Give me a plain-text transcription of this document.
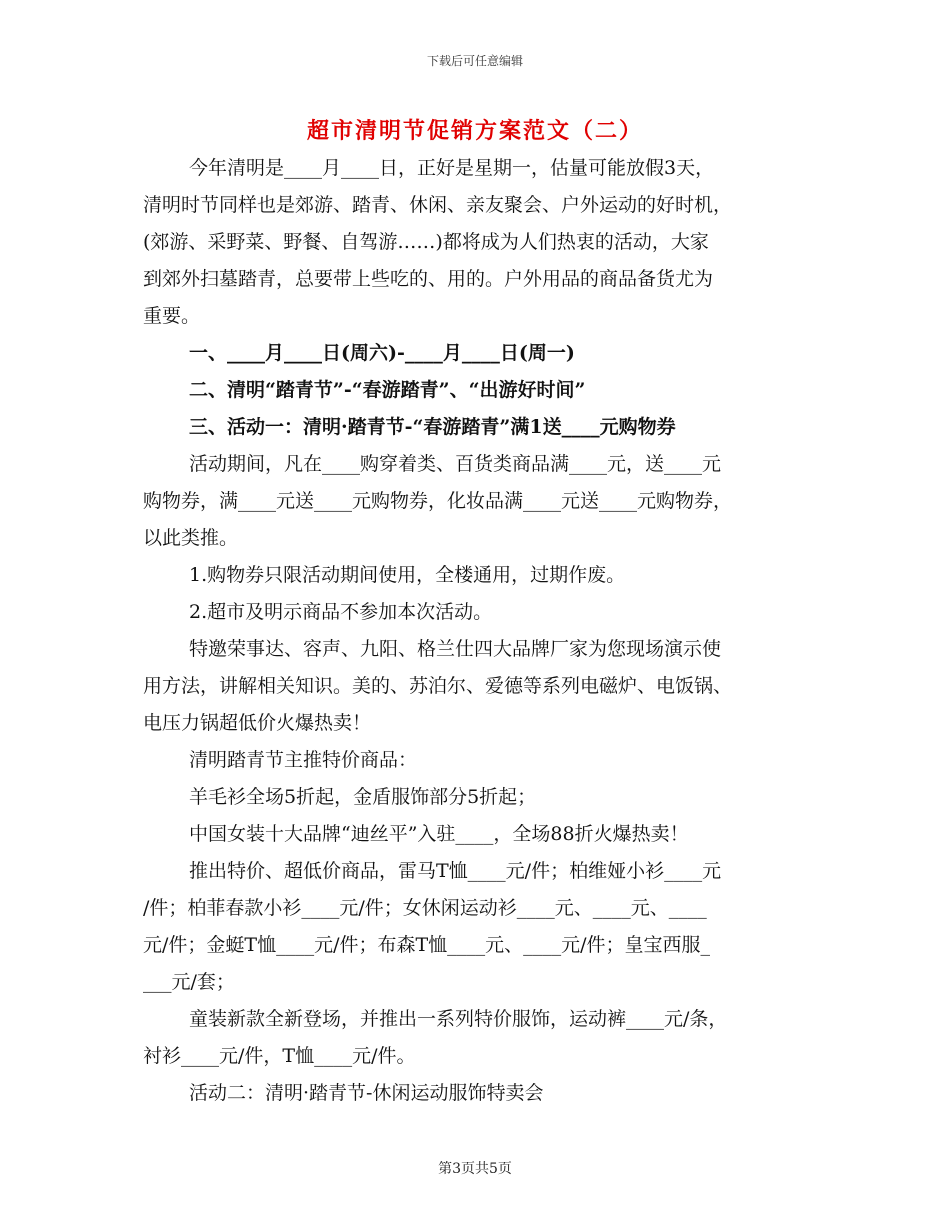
下载后可任意编辑
超市清明节促销方案范文（二）

今年清明是____月____日，正好是星期一，估量可能放假3天，

清明时节同样也是郊游、踏青、休闲、亲友聚会、户外运动的好时机，

(郊游、采野菜、野餐、自驾游……)都将成为人们热衷的活动，大家

到郊外扫墓踏青，总要带上些吃的、用的。户外用品的商品备货尤为

重要。

一、____月____日(周六)-____月____日(周一)

二、清明“踏青节”-“春游踏青”、“出游好时间”

三、活动一：清明·踏青节-“春游踏青”满1送____元购物券

活动期间，凡在____购穿着类、百货类商品满____元，送____元

购物券，满____元送____元购物券，化妆品满____元送____元购物券，

以此类推。

1.购物券只限活动期间使用，全楼通用，过期作废。

2.超市及明示商品不参加本次活动。

特邀荣事达、容声、九阳、格兰仕四大品牌厂家为您现场演示使

用方法，讲解相关知识。美的、苏泊尔、爱德等系列电磁炉、电饭锅、

电压力锅超低价火爆热卖！

清明踏青节主推特价商品：

羊毛衫全场5折起，金盾服饰部分5折起；

中国女装十大品牌“迪丝平”入驻____，全场88折火爆热卖！

推出特价、超低价商品，雷马T恤____元/件；柏维娅小衫____元

/件；柏菲春款小衫____元/件；女休闲运动衫____元、____元、____

元/件；金蜓T恤____元/件；布森T恤____元、____元/件；皇宝西服_

___元/套；

童装新款全新登场，并推出一系列特价服饰，运动裤____元/条，

衬衫____元/件，T恤____元/件。

活动二：清明·踏青节-休闲运动服饰特卖会

第3页共5页
